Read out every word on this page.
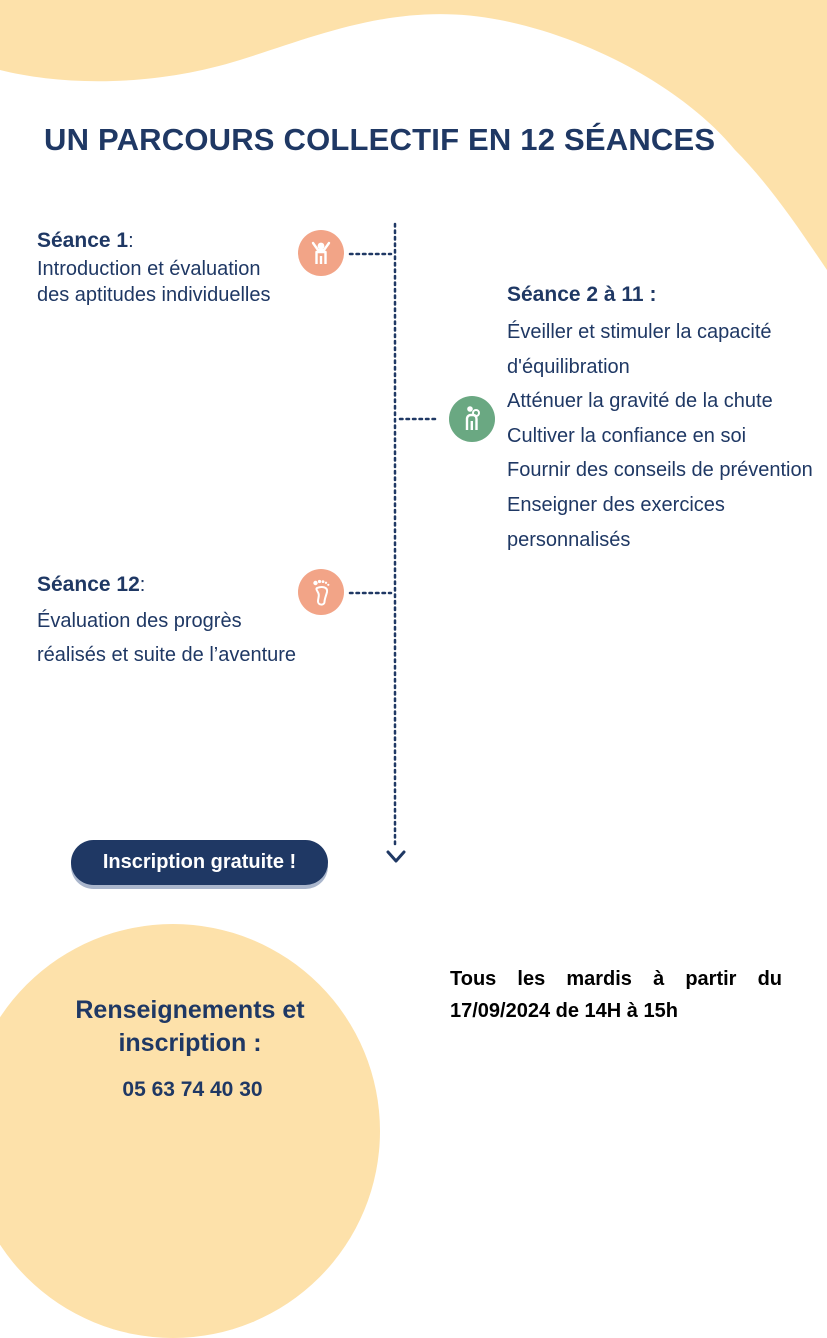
UN PARCOURS COLLECTIF EN 12 SÉANCES
Séance 1:
Introduction et évaluation des aptitudes individuelles	Séance 2 à 11 :
Éveiller et stimuler la capacité d'équilibration
Atténuer la gravité de la chute
Cultiver la confiance en soi
Fournir des conseils de prévention
Enseigner des exercices personnalisés
Séance 12:
Évaluation des progrès réalisés et suite de l’aventure
Inscription gratuite !
Renseignements et inscription :
05 63 74 40 30
Tous les mardis à partir du 17/09/2024 de 14H à 15h
